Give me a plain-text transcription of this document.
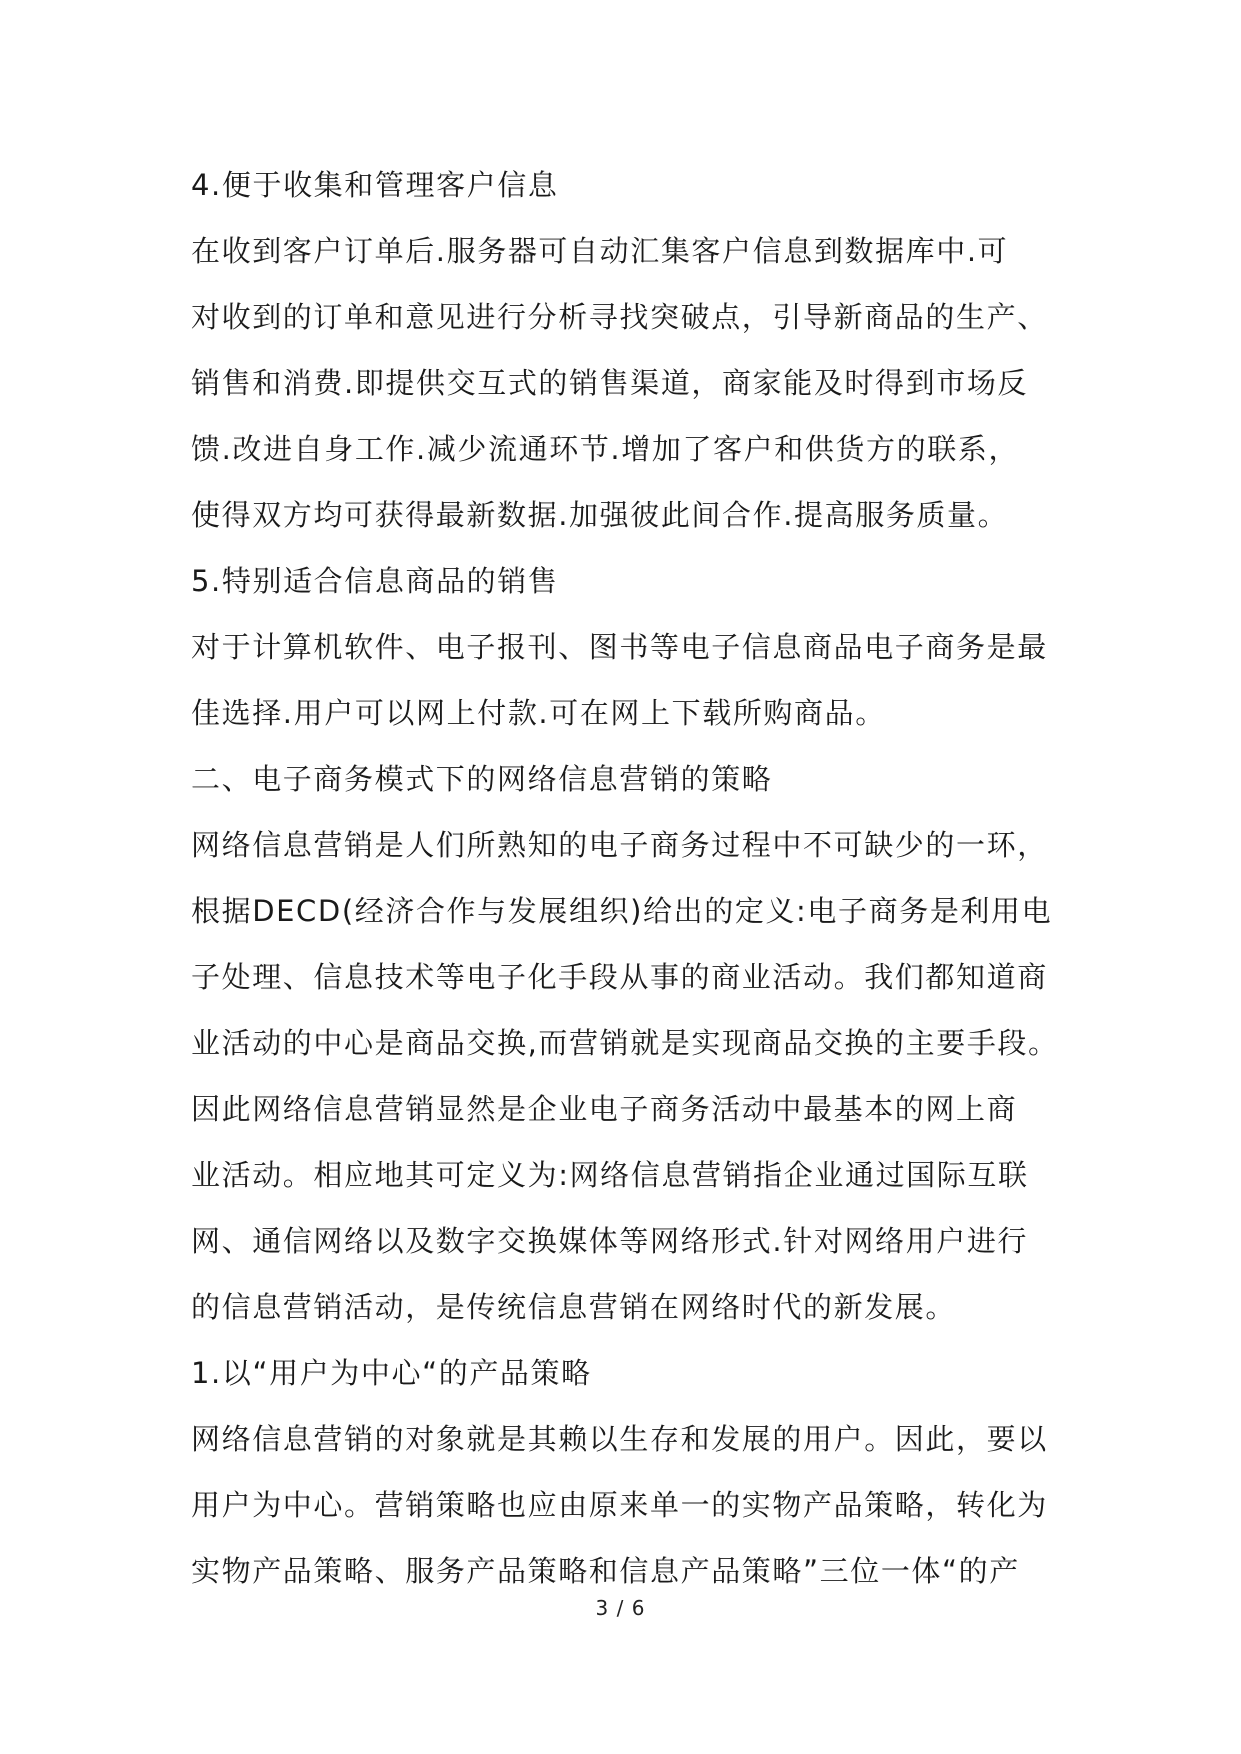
4.便于收集和管理客户信息
在收到客户订单后.服务器可自动汇集客户信息到数据库中.可
对收到的订单和意见进行分析寻找突破点，引导新商品的生产、
销售和消费.即提供交互式的销售渠道，商家能及时得到市场反
馈.改进自身工作.减少流通环节.增加了客户和供货方的联系，
使得双方均可获得最新数据.加强彼此间合作.提高服务质量。
5.特别适合信息商品的销售
对于计算机软件、电子报刊、图书等电子信息商品电子商务是最
佳选择.用户可以网上付款.可在网上下载所购商品。
二、电子商务模式下的网络信息营销的策略
网络信息营销是人们所熟知的电子商务过程中不可缺少的一环，
根据DECD(经济合作与发展组织)给出的定义:电子商务是利用电
子处理、信息技术等电子化手段从事的商业活动。我们都知道商
业活动的中心是商品交换,而营销就是实现商品交换的主要手段。
因此网络信息营销显然是企业电子商务活动中最基本的网上商
业活动。相应地其可定义为:网络信息营销指企业通过国际互联
网、通信网络以及数字交换媒体等网络形式.针对网络用户进行
的信息营销活动，是传统信息营销在网络时代的新发展。
1.以“用户为中心“的产品策略
网络信息营销的对象就是其赖以生存和发展的用户。因此，要以
用户为中心。营销策略也应由原来单一的实物产品策略，转化为
实物产品策略、服务产品策略和信息产品策略”三位一体“的产
3 / 6
